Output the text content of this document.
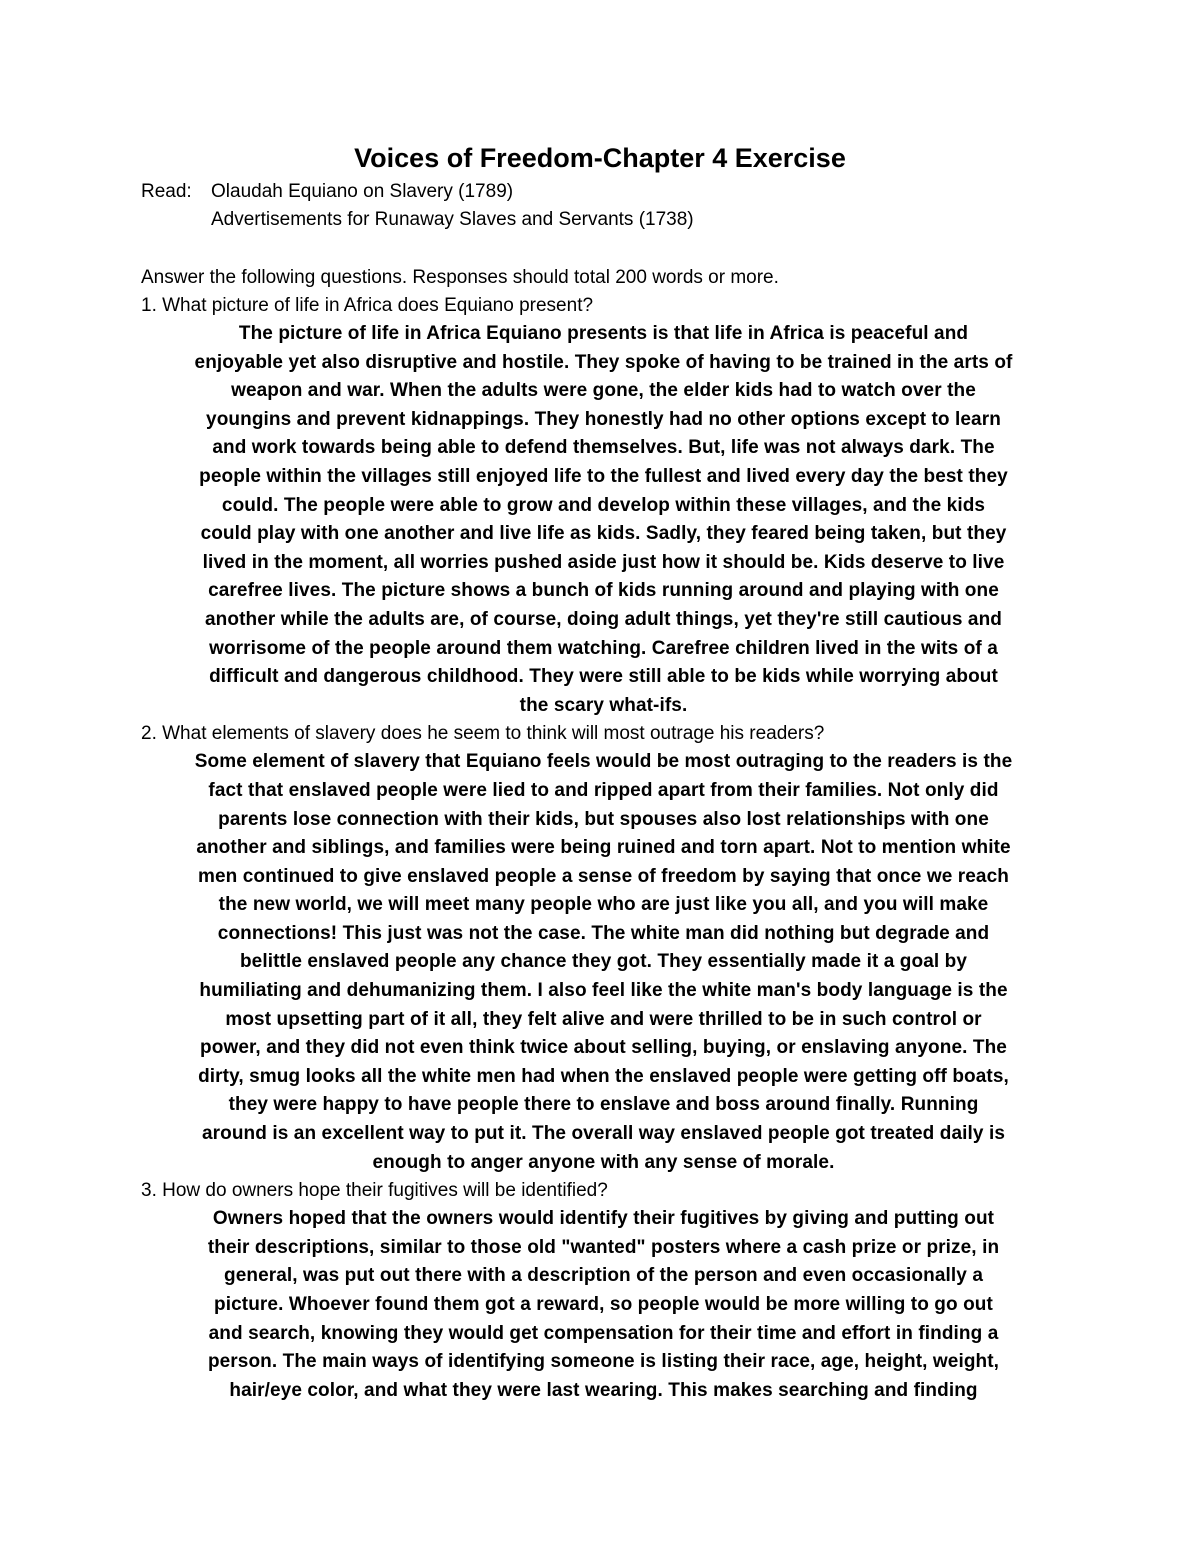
Voices of Freedom-Chapter 4 Exercise
Read:	Olaudah Equiano on Slavery (1789)
Advertisements for Runaway Slaves and Servants (1738)

Answer the following questions. Responses should total 200 words or more.

1. What picture of life in Africa does Equiano present?

The picture of life in Africa Equiano presents is that life in Africa is peaceful and
enjoyable yet also disruptive and hostile. They spoke of having to be trained in the arts of
weapon and war. When the adults were gone, the elder kids had to watch over the
youngins and prevent kidnappings. They honestly had no other options except to learn
and work towards being able to defend themselves. But, life was not always dark. The
people within the villages still enjoyed life to the fullest and lived every day the best they
could. The people were able to grow and develop within these villages, and the kids
could play with one another and live life as kids. Sadly, they feared being taken, but they
lived in the moment, all worries pushed aside just how it should be. Kids deserve to live
carefree lives. The picture shows a bunch of kids running around and playing with one
another while the adults are, of course, doing adult things, yet they're still cautious and
worrisome of the people around them watching. Carefree children lived in the wits of a
difficult and dangerous childhood. They were still able to be kids while worrying about
the scary what-ifs.

2. What elements of slavery does he seem to think will most outrage his readers?

Some element of slavery that Equiano feels would be most outraging to the readers is the
fact that enslaved people were lied to and ripped apart from their families. Not only did
parents lose connection with their kids, but spouses also lost relationships with one
another and siblings, and families were being ruined and torn apart. Not to mention white
men continued to give enslaved people a sense of freedom by saying that once we reach
the new world, we will meet many people who are just like you all, and you will make
connections! This just was not the case. The white man did nothing but degrade and
belittle enslaved people any chance they got. They essentially made it a goal by
humiliating and dehumanizing them. I also feel like the white man's body language is the
most upsetting part of it all, they felt alive and were thrilled to be in such control or
power, and they did not even think twice about selling, buying, or enslaving anyone. The
dirty, smug looks all the white men had when the enslaved people were getting off boats,
they were happy to have people there to enslave and boss around finally. Running
around is an excellent way to put it. The overall way enslaved people got treated daily is
enough to anger anyone with any sense of morale.

3. How do owners hope their fugitives will be identified?

Owners hoped that the owners would identify their fugitives by giving and putting out
their descriptions, similar to those old "wanted" posters where a cash prize or prize, in
general, was put out there with a description of the person and even occasionally a
picture. Whoever found them got a reward, so people would be more willing to go out
and search, knowing they would get compensation for their time and effort in finding a
person. The main ways of identifying someone is listing their race, age, height, weight,
hair/eye color, and what they were last wearing. This makes searching and finding
